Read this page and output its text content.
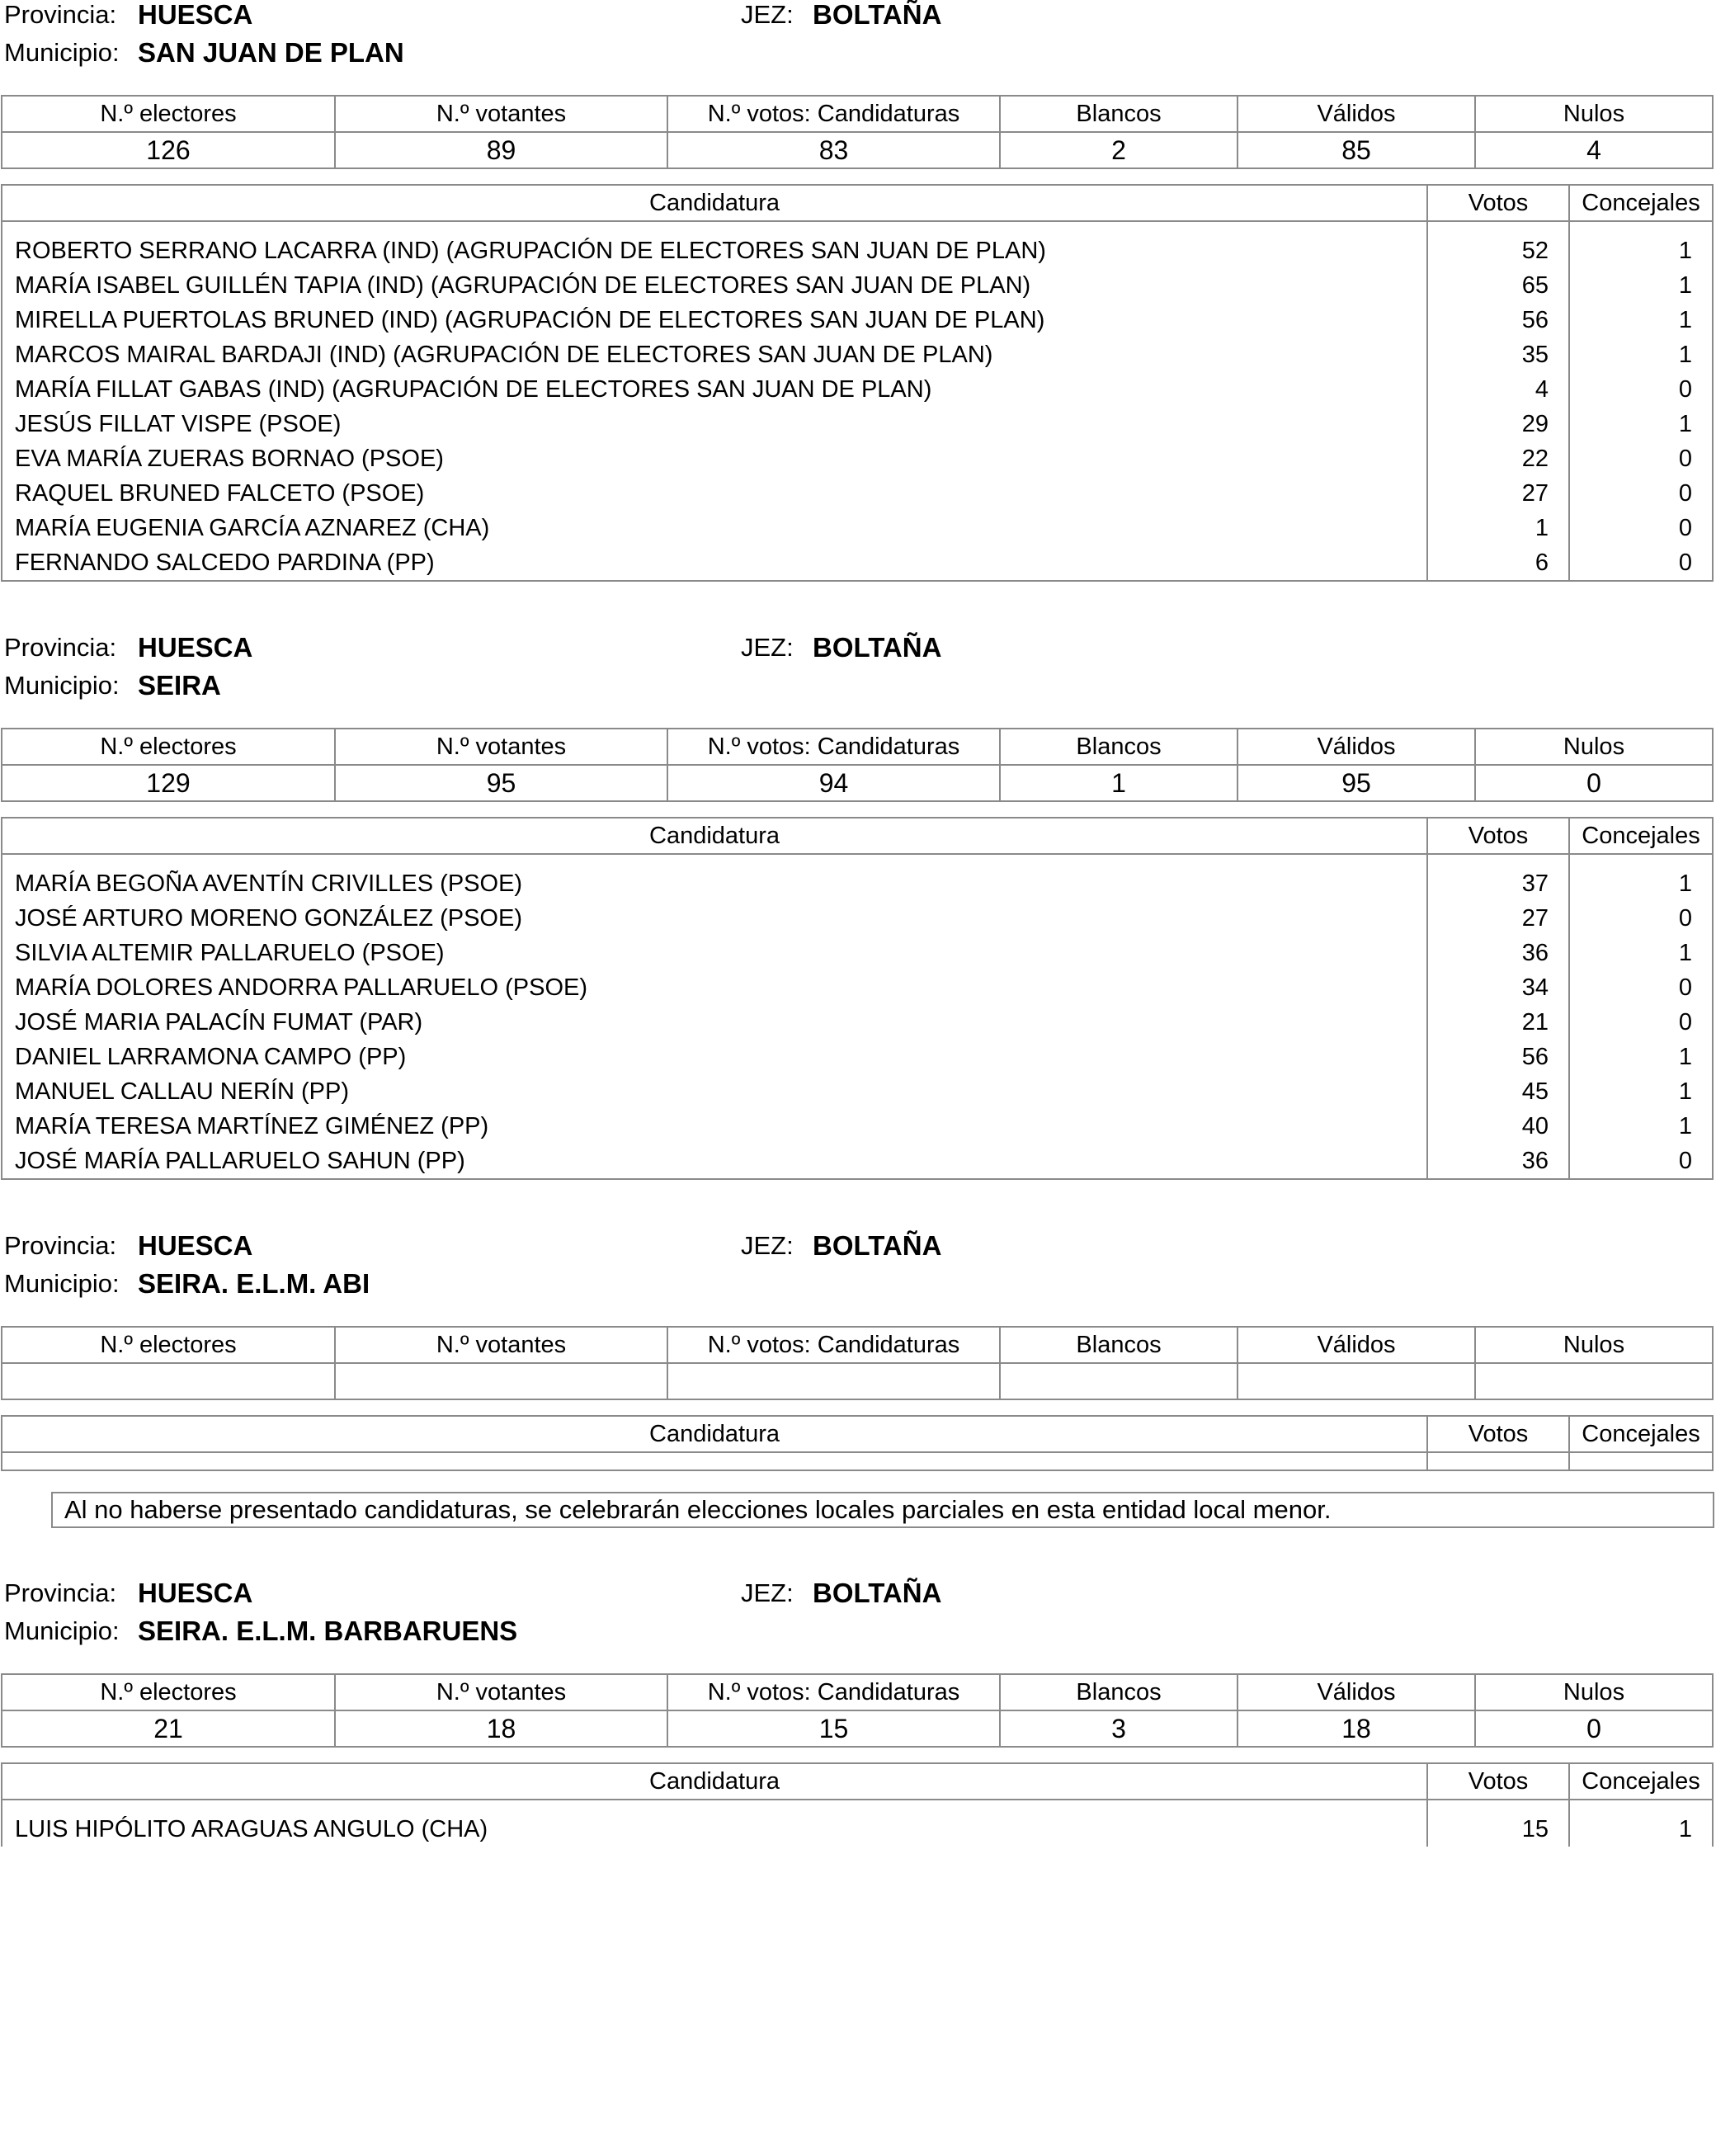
Provincia: HUESCA	JEZ: BOLTAÑA
Municipio: SAN JUAN DE PLAN
N.º electores	N.º votantes	N.º votos: Candidaturas	Blancos	Válidos	Nulos
126	89	83	2	85	4
Candidatura	Votos	Concejales
ROBERTO SERRANO LACARRA (IND) (AGRUPACIÓN DE ELECTORES SAN JUAN DE PLAN)	52	1
MARÍA ISABEL GUILLÉN TAPIA (IND) (AGRUPACIÓN DE ELECTORES SAN JUAN DE PLAN)	65	1
MIRELLA PUERTOLAS BRUNED (IND) (AGRUPACIÓN DE ELECTORES SAN JUAN DE PLAN)	56	1
MARCOS MAIRAL BARDAJI (IND) (AGRUPACIÓN DE ELECTORES SAN JUAN DE PLAN)	35	1
MARÍA FILLAT GABAS (IND) (AGRUPACIÓN DE ELECTORES SAN JUAN DE PLAN)	4	0
JESÚS FILLAT VISPE (PSOE)	29	1
EVA MARÍA ZUERAS BORNAO (PSOE)	22	0
RAQUEL BRUNED FALCETO (PSOE)	27	0
MARÍA EUGENIA GARCÍA AZNAREZ (CHA)	1	0
FERNANDO SALCEDO PARDINA (PP)	6	0
Provincia: HUESCA	JEZ: BOLTAÑA
Municipio: SEIRA
N.º electores	N.º votantes	N.º votos: Candidaturas	Blancos	Válidos	Nulos
129	95	94	1	95	0
Candidatura	Votos	Concejales
MARÍA BEGOÑA AVENTÍN CRIVILLES (PSOE)	37	1
JOSÉ ARTURO MORENO GONZÁLEZ (PSOE)	27	0
SILVIA ALTEMIR PALLARUELO (PSOE)	36	1
MARÍA DOLORES ANDORRA PALLARUELO (PSOE)	34	0
JOSÉ MARIA PALACÍN FUMAT (PAR)	21	0
DANIEL LARRAMONA CAMPO (PP)	56	1
MANUEL CALLAU NERÍN (PP)	45	1
MARÍA TERESA MARTÍNEZ GIMÉNEZ (PP)	40	1
JOSÉ MARÍA PALLARUELO SAHUN (PP)	36	0
Provincia: HUESCA	JEZ: BOLTAÑA
Municipio: SEIRA. E.L.M. ABI
N.º electores	N.º votantes	N.º votos: Candidaturas	Blancos	Válidos	Nulos

Candidatura	Votos	Concejales

Al no haberse presentado candidaturas, se celebrarán elecciones locales parciales en esta entidad local menor.
Provincia: HUESCA	JEZ: BOLTAÑA
Municipio: SEIRA. E.L.M. BARBARUENS
N.º electores	N.º votantes	N.º votos: Candidaturas	Blancos	Válidos	Nulos
21	18	15	3	18	0
Candidatura	Votos	Concejales
LUIS HIPÓLITO ARAGUAS ANGULO (CHA)	15	1
